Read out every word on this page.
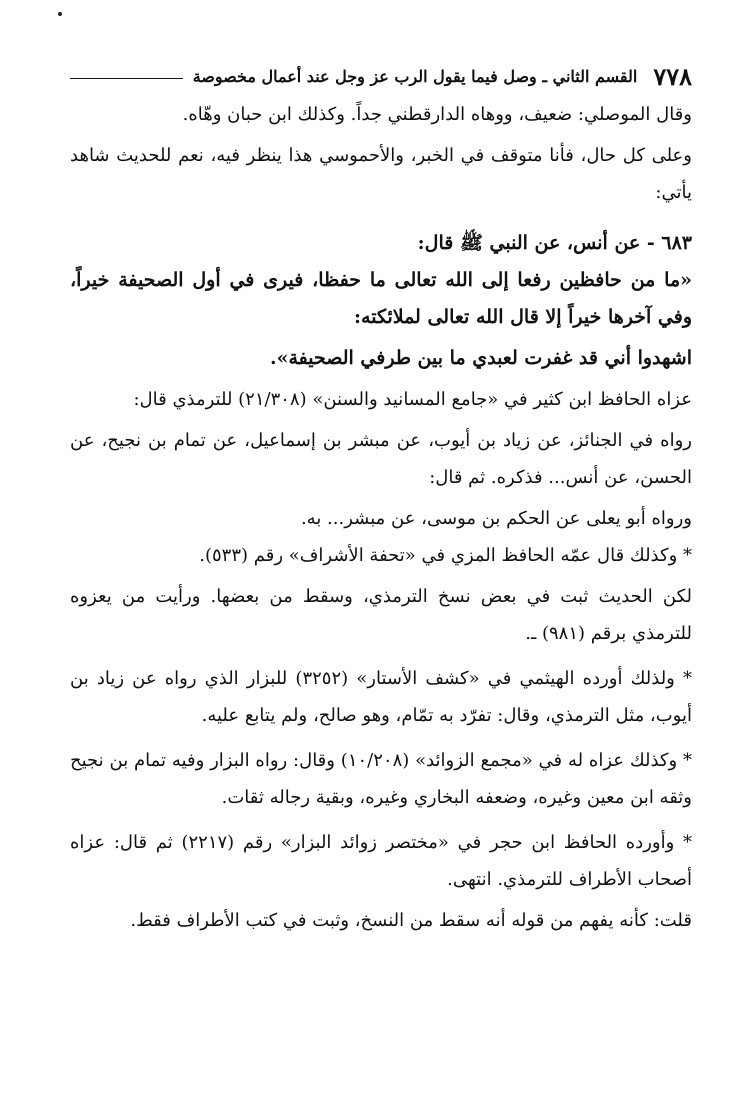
٧٧٨
القسم الثاني ـ وصل فيما يقول الرب عز وجل عند أعمال مخصوصة

وقال الموصلي: ضعيف، ووهاه الدارقطني جداً. وكذلك ابن حبان وهّاه.

وعلى كل حال، فأنا متوقف في الخبر، والأحموسي هذا ينظر فيه، نعم للحديث شاهد يأتي:

٦٨٣ - عن أنس، عن النبي ﷺ قال:

«ما من حافظين رفعا إلى الله تعالى ما حفظا، فيرى في أول الصحيفة خيراً، وفي آخرها خيراً إلا قال الله تعالى لملائكته:

اشهدوا أني قد غفرت لعبدي ما بين طرفي الصحيفة».

عزاه الحافظ ابن كثير في «جامع المسانيد والسنن» (٢١/٣٠٨) للترمذي قال:

رواه في الجنائز، عن زياد بن أيوب، عن مبشر بن إسماعيل، عن تمام بن نجيح، عن الحسن، عن أنس... فذكره. ثم قال:

ورواه أبو يعلى عن الحكم بن موسى، عن مبشر... به.

* وكذلك قال عمّه الحافظ المزي في «تحفة الأشراف» رقم (٥٣٣).

لكن الحديث ثبت في بعض نسخ الترمذي، وسقط من بعضها. ورأيت من يعزوه للترمذي برقم (٩٨١) ـ.

* ولذلك أورده الهيثمي في «كشف الأستار» (٣٢٥٢) للبزار الذي رواه عن زياد بن أيوب، مثل الترمذي، وقال: تفرّد به تمّام، وهو صالح، ولم يتابع عليه.

* وكذلك عزاه له في «مجمع الزوائد» (١٠/٢٠٨) وقال: رواه البزار وفيه تمام بن نجيح وثقه ابن معين وغيره، وضعفه البخاري وغيره، وبقية رجاله ثقات.

* وأورده الحافظ ابن حجر في «مختصر زوائد البزار» رقم (٢٢١٧) ثم قال: عزاه أصحاب الأطراف للترمذي. انتهى.

قلت: كأنه يفهم من قوله أنه سقط من النسخ، وثبت في كتب الأطراف فقط.
